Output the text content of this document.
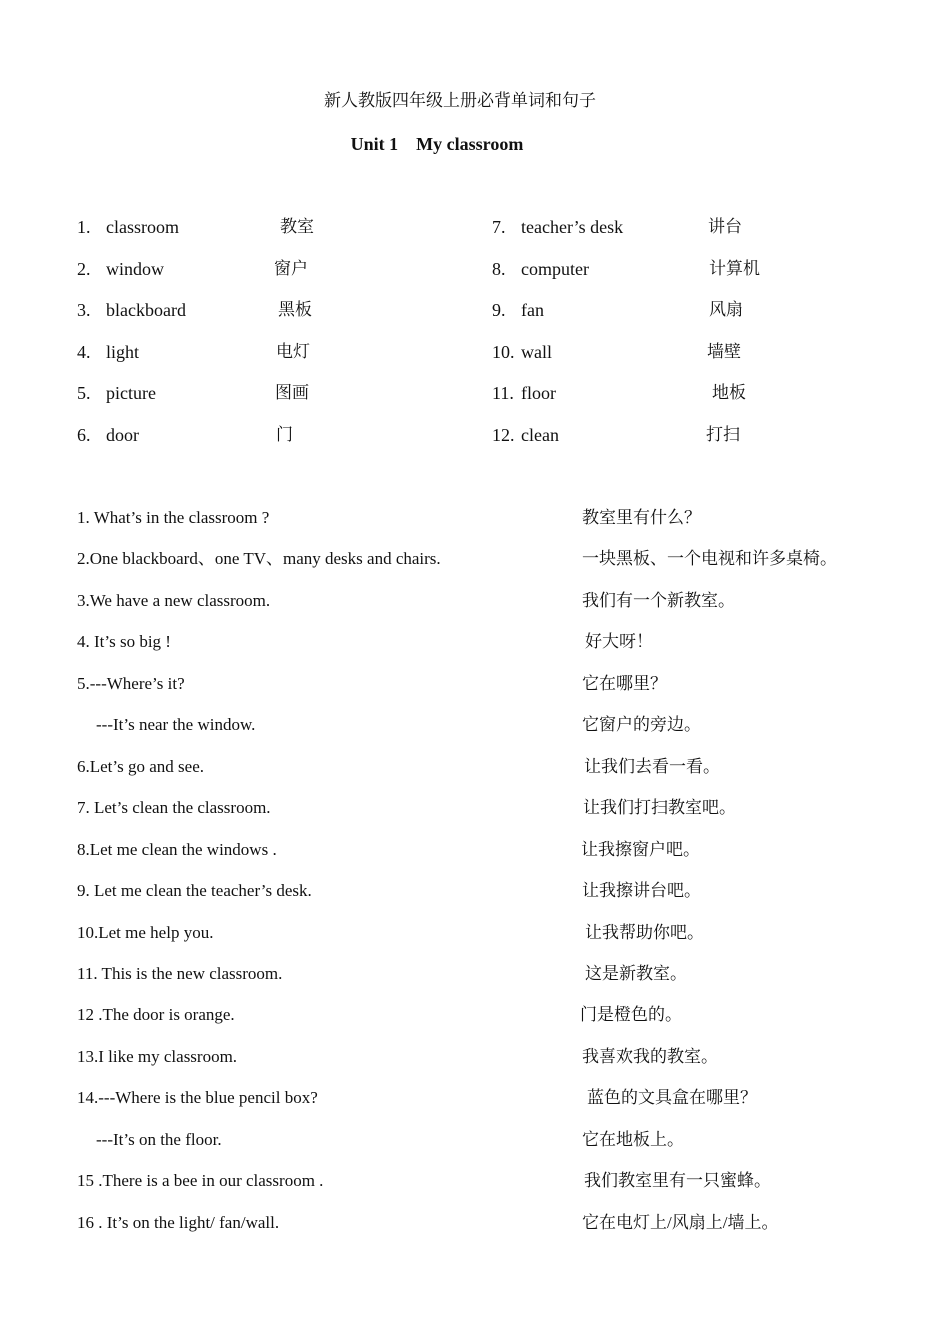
新人教版四年级上册必背单词和句子
Unit 1    My classroom
1. classroom	教室
2. window	窗户
3. blackboard	黑板
4. light	电灯
5. picture	图画
6. door	门
7. teacher’s desk	讲台
8. computer	计算机
9. fan	风扇
10. wall	墙壁
11. floor	地板
12. clean	打扫
1. What’s in the classroom ?	教室里有什么？
2.One blackboard、one TV、many desks and chairs.	一块黑板、一个电视和许多桌椅。
3.We have a new classroom.	我们有一个新教室。
4. It’s so big !	好大呀！
5.---Where’s it?	它在哪里？
---It’s near the window.	它窗户的旁边。
6.Let’s go and see.	让我们去看一看。
7. Let’s clean the classroom.	让我们打扫教室吧。
8.Let me clean the windows .	让我擦窗户吧。
9. Let me clean the teacher’s desk.	让我擦讲台吧。
10.Let me help you.	让我帮助你吧。
11. This is the new classroom.	这是新教室。
12 .The door is orange.	门是橙色的。
13.I like my classroom.	我喜欢我的教室。
14.---Where is the blue pencil box?	蓝色的文具盒在哪里？
---It’s on the floor.	它在地板上。
15 .There is a bee in our classroom .	我们教室里有一只蜜蜂。
16 . It’s on the light/ fan/wall.	它在电灯上/风扇上/墙上。
